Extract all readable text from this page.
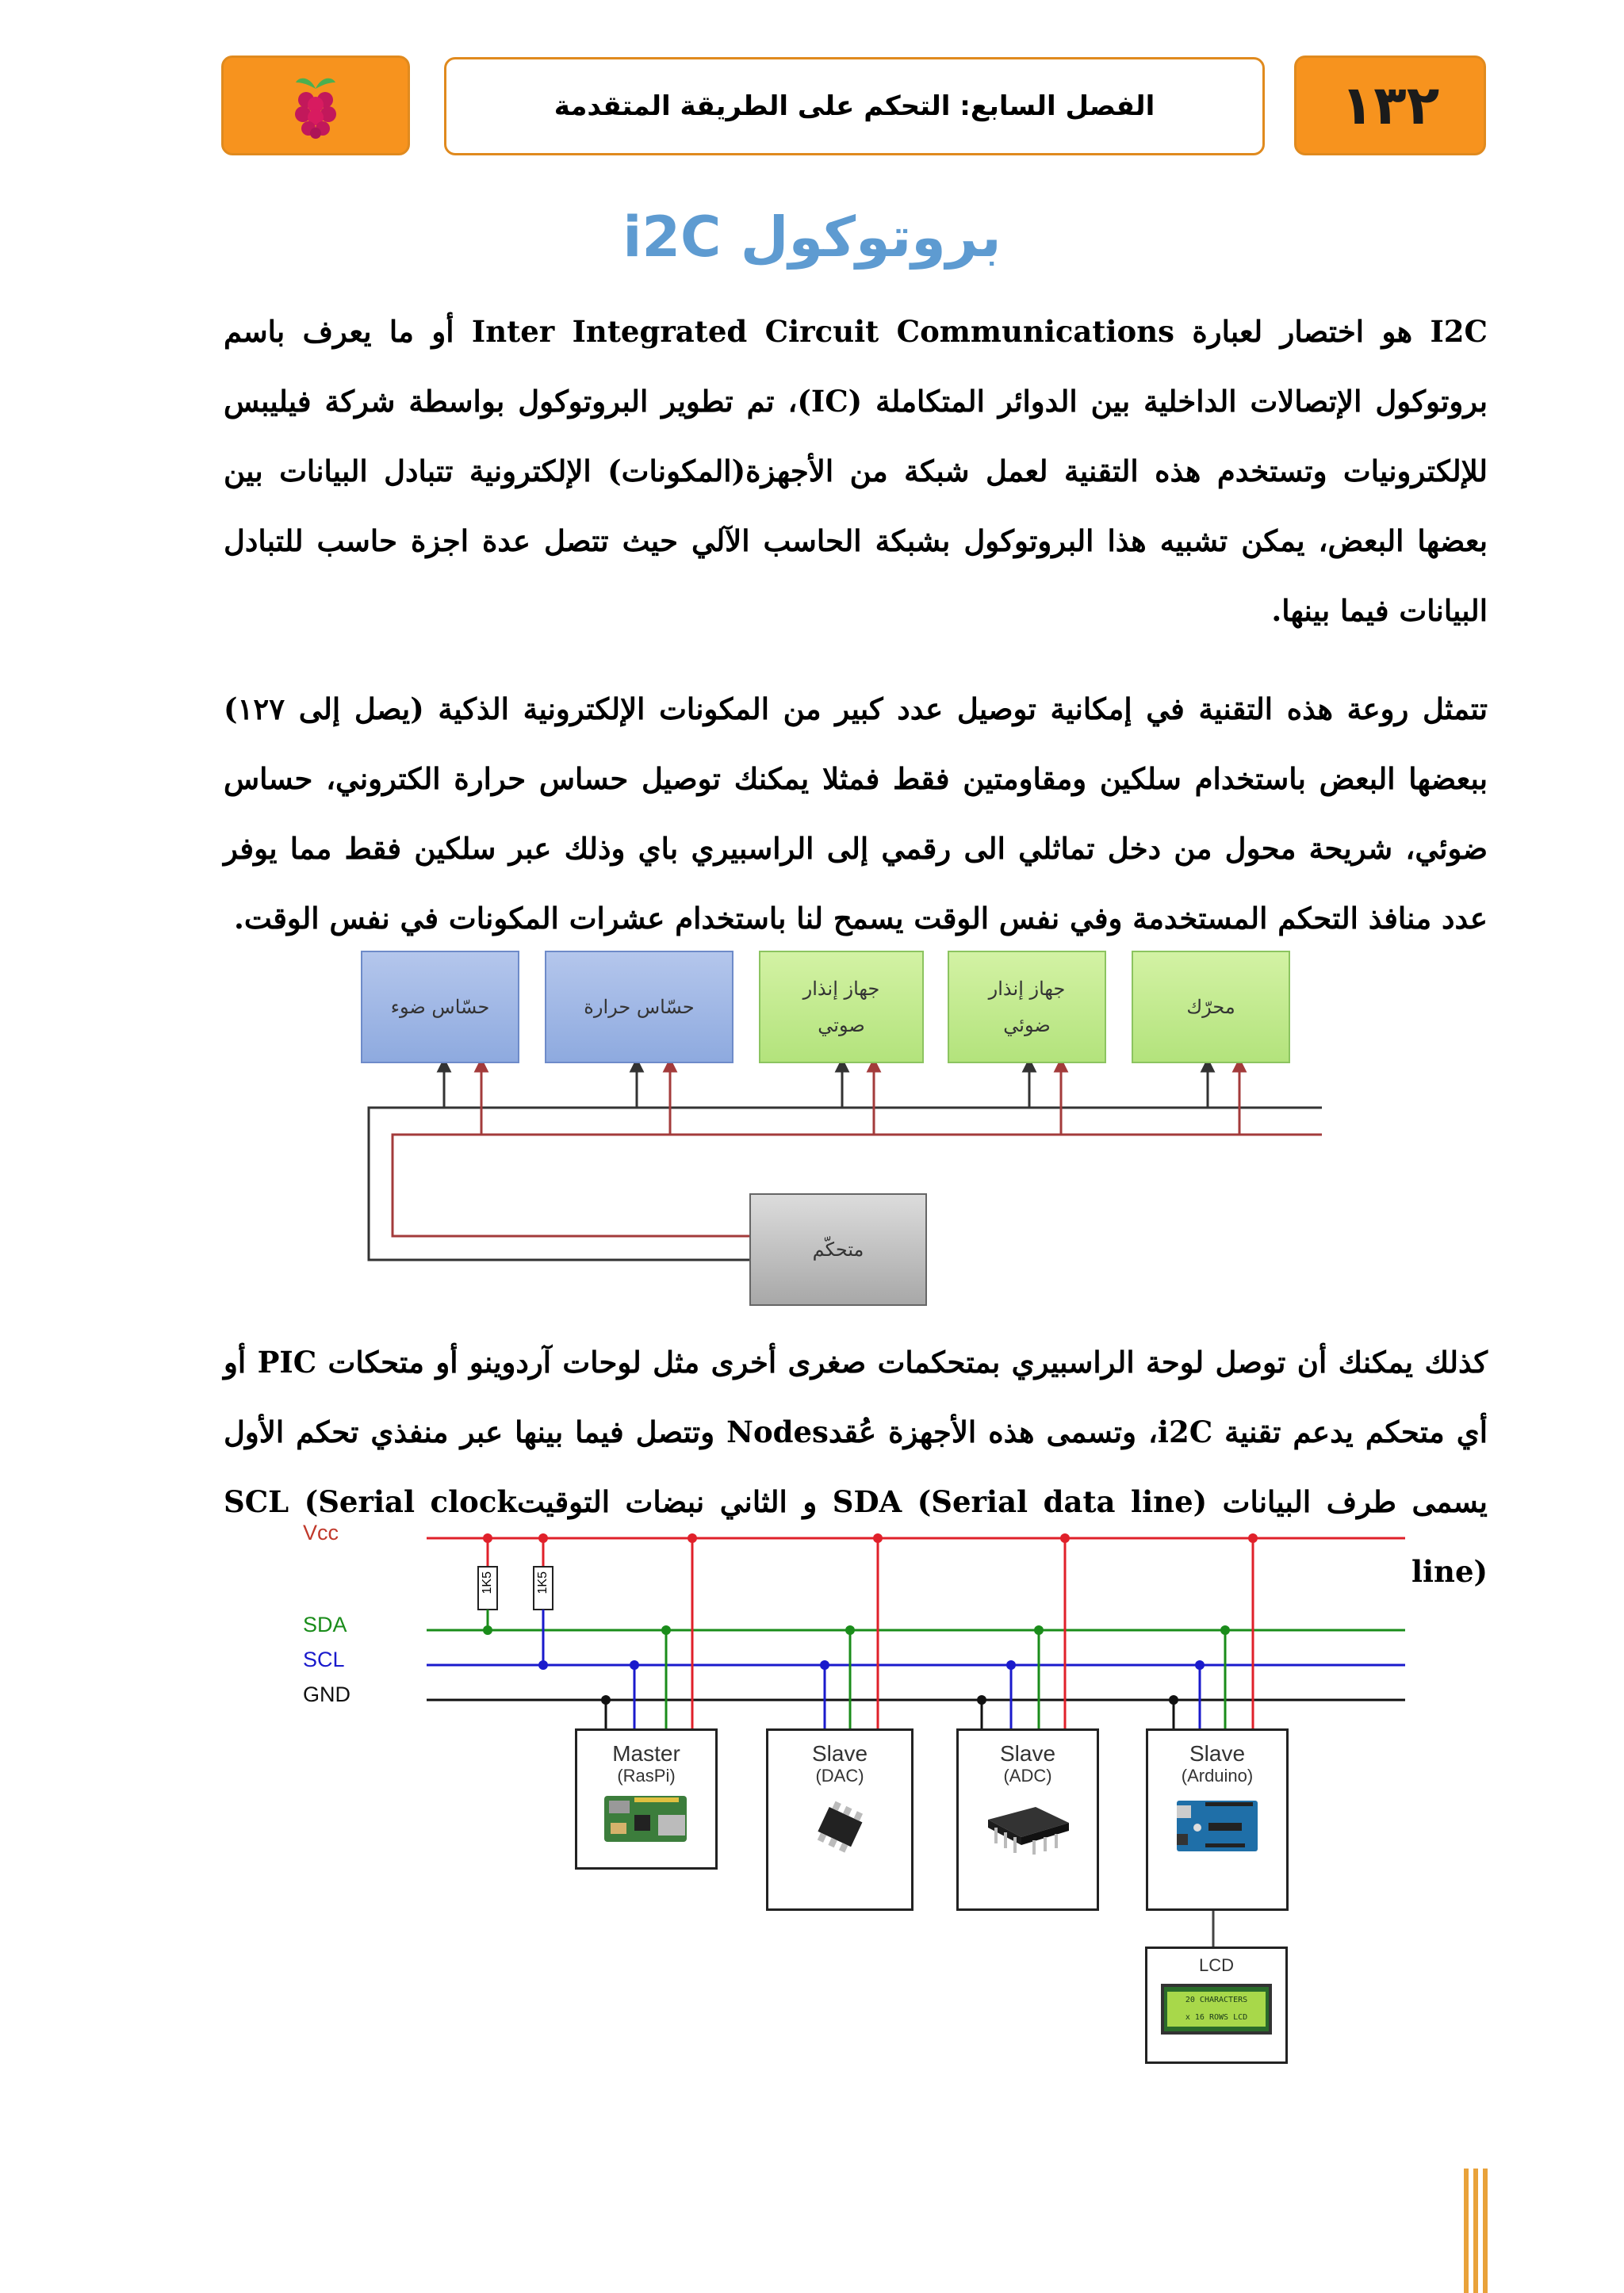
الفصل السابع: التحكم على الطريقة المتقدمة	١٣٢
بروتوكول i2C

I2C هو اختصار لعبارة Inter Integrated Circuit Communications أو ما يعرف باسم بروتوكول الإتصالات الداخلية بين الدوائر المتكاملة (IC)، تم تطوير البروتوكول بواسطة شركة فيليبس للإلكترونيات وتستخدم هذه التقنية لعمل شبكة من الأجهزة(المكونات) الإلكترونية تتبادل البيانات بين بعضها البعض، يمكن تشبيه هذا البروتوكول بشبكة الحاسب الآلي حيث تتصل عدة اجزة حاسب للتبادل البيانات فيما بينها.

تتمثل روعة هذه التقنية في إمكانية توصيل عدد كبير من المكونات الإلكترونية الذكية (يصل إلى ١٢٧) ببعضها البعض باستخدام سلكين ومقاومتين فقط فمثلا يمكنك توصيل حساس حرارة الكتروني، حساس ضوئي، شريحة محول من دخل تماثلي الى رقمي إلى الراسبيري باي وذلك عبر سلكين فقط مما يوفر عدد منافذ التحكم المستخدمة وفي نفس الوقت يسمح لنا باستخدام عشرات المكونات في نفس الوقت.

كذلك يمكنك أن توصل لوحة الراسبيري بمتحكمات صغرى أخرى مثل لوحات آردوينو أو متحكات PIC أو أي متحكم يدعم تقنية i2C، وتسمى هذه الأجهزة عُقدNodes وتتصل فيما بينها عبر منفذي تحكم الأول يسمى طرف البيانات SDA (Serial data line) و الثاني نبضات التوقيتSCL (Serial clock line)

حسّاس ضوء	حسّاس حرارة
جهاز إنذار صوتي
جهاز إنذار ضوئي
محرّك
متحكّم
Vcc
SDA
SCL
GND
1K5	1K5
Master
(RasPi)
Slave
(DAC)
Slave
(ADC)
Slave
(Arduino)
LCD
20 CHARACTERS
x 16 ROWS LCD
